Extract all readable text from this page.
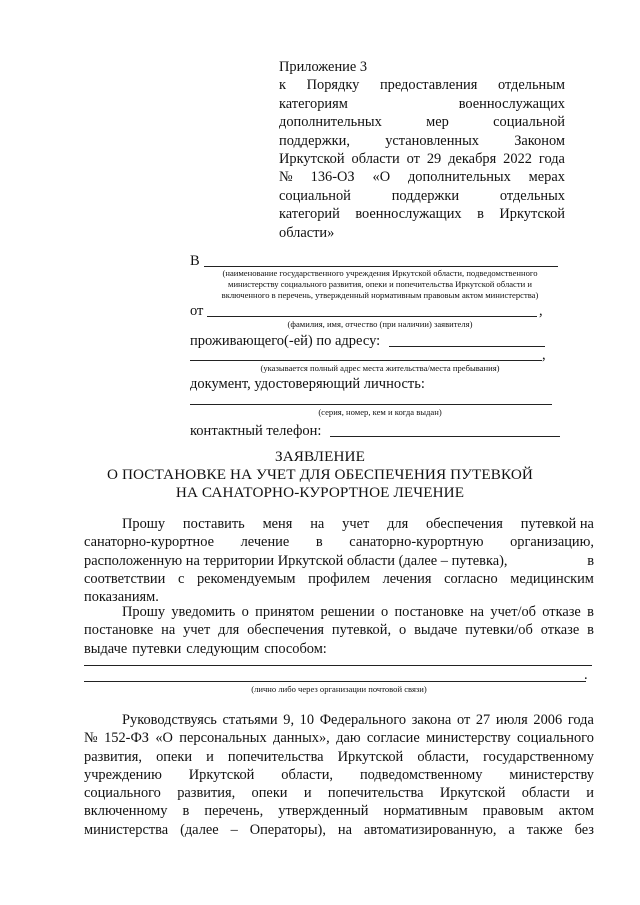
Приложение 3
к Порядку предоставления отдельным
категориям	военнослужащих
дополнительных	мер	социальной
поддержки, установленных Законом
Иркутской области от 29 декабря 2022 года
№ 136-ОЗ «О дополнительных мерах
социальной	поддержки	отдельных
категорий военнослужащих в Иркутской
области»
В
(наименование государственного учреждения Иркутской области, подведомственного
министерству социального развития, опеки и попечительства Иркутской области и
включенного в перечень, утвержденный нормативным правовым актом министерства)
от	,
(фамилия, имя, отчество (при наличии) заявителя)
проживающего(-ей) по адресу:
,
(указывается полный адрес места жительства/места пребывания)
документ, удостоверяющий личность:
(серия, номер, кем и когда выдан)
контактный телефон:
ЗАЯВЛЕНИЕ
О ПОСТАНОВКЕ НА УЧЕТ ДЛЯ ОБЕСПЕЧЕНИЯ ПУТЕВКОЙ
НА САНАТОРНО-КУРОРТНОЕ ЛЕЧЕНИЕ
Прошу поставить меня на учет для обеспечения путевкой на
санаторно-курортное лечение в санаторно-курортную организацию,
расположенную на территории Иркутской области (далее – путевка),	в
соответствии с рекомендуемым профилем лечения согласно медицинским
показаниям.
Прошу уведомить о принятом решении о постановке на учет/об отказе в
постановке на учет для обеспечения путевкой, о выдаче путевки/об отказе в
выдаче путевки следующим способом:
.
(лично либо через организации почтовой связи)
Руководствуясь статьями 9, 10 Федерального закона от 27 июля 2006 года
№ 152-ФЗ «О персональных данных», даю согласие министерству социального
развития, опеки и попечительства Иркутской области, государственному
учреждению Иркутской области, подведомственному министерству
социального развития, опеки и попечительства Иркутской области и
включенному в перечень, утвержденный нормативным правовым актом
министерства (далее – Операторы), на автоматизированную, а также без
